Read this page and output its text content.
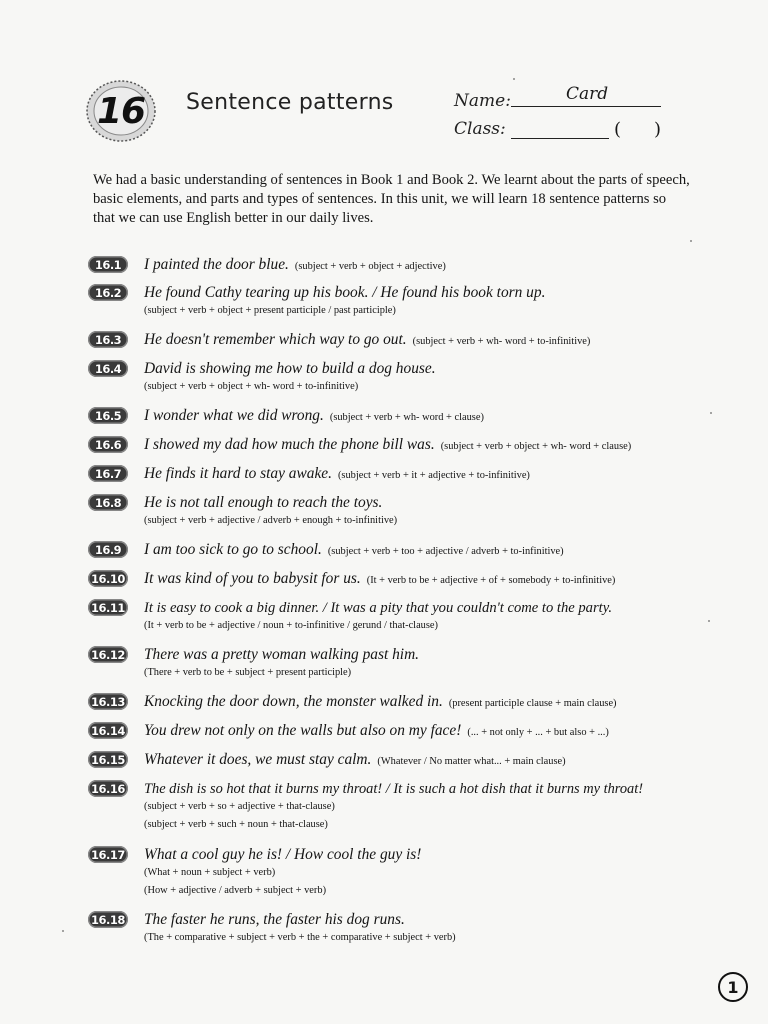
16	Sentence patterns	Name:	Card
Class:	( )

We had a basic understanding of sentences in Book 1 and Book 2. We learnt about the parts of speech, basic elements, and parts and types of sentences. In this unit, we will learn 18 sentence patterns so that we can use English better in our daily lives.

16.1	I painted the door blue. (subject + verb + object + adjective)
16.2	He found Cathy tearing up his book. / He found his book torn up.
(subject + verb + object + present participle / past participle)
16.3	He doesn't remember which way to go out. (subject + verb + wh- word + to-infinitive)
16.4	David is showing me how to build a dog house.
(subject + verb + object + wh- word + to-infinitive)
16.5	I wonder what we did wrong. (subject + verb + wh- word + clause)
16.6	I showed my dad how much the phone bill was. (subject + verb + object + wh- word + clause)
16.7	He finds it hard to stay awake. (subject + verb + it + adjective + to-infinitive)
16.8	He is not tall enough to reach the toys.
(subject + verb + adjective / adverb + enough + to-infinitive)
16.9	I am too sick to go to school. (subject + verb + too + adjective / adverb + to-infinitive)
16.10 It was kind of you to babysit for us. (It + verb to be + adjective + of + somebody + to-infinitive)
16.11 It is easy to cook a big dinner. / It was a pity that you couldn't come to the party.
(It + verb to be + adjective / noun + to-infinitive / gerund / that-clause)
16.12 There was a pretty woman walking past him.
(There + verb to be + subject + present participle)
16.13 Knocking the door down, the monster walked in. (present participle clause + main clause)
16.14 You drew not only on the walls but also on my face! (... + not only + ... + but also + ...)
16.15 Whatever it does, we must stay calm. (Whatever / No matter what... + main clause)
16.16 The dish is so hot that it burns my throat! / It is such a hot dish that it burns my throat!
(subject + verb + so + adjective + that-clause)
(subject + verb + such + noun + that-clause)
16.17 What a cool guy he is! / How cool the guy is!
(What + noun + subject + verb)
(How + adjective / adverb + subject + verb)
16.18 The faster he runs, the faster his dog runs.
(The + comparative + subject + verb + the + comparative + subject + verb)
1
